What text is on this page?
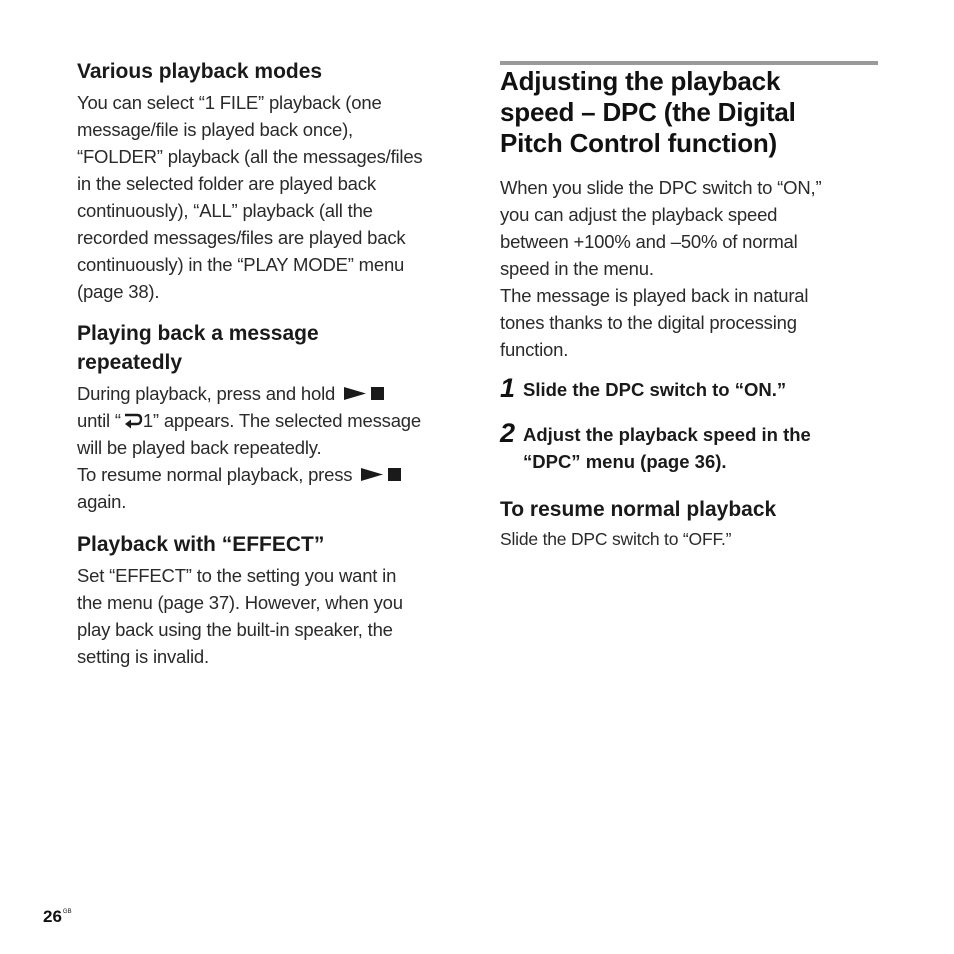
Various playback modes

You can select “1 FILE” playback (one
message/file is played back once),
“FOLDER” playback (all the messages/files
in the selected folder are played back
continuously), “ALL” playback (all the
recorded messages/files are played back
continuously) in the “PLAY MODE” menu
(page 38).

Playing back a message
repeatedly

During playback, press and hold
until “ 1” appears. The selected message
will be played back repeatedly.
To resume normal playback, press
again.

Playback with “EFFECT”

Set “EFFECT” to the setting you want in
the menu (page 37). However, when you
play back using the built-in speaker, the
setting is invalid.

Adjusting the playback
speed – DPC (the Digital
Pitch Control function)

When you slide the DPC switch to “ON,”
you can adjust the playback speed
between +100% and –50% of normal
speed in the menu.
The message is played back in natural
tones thanks to the digital processing
function.

1 Slide the DPC switch to “ON.”
2 Adjust the playback speed in the
“DPC” menu (page 36).
To resume normal playback

Slide the DPC switch to “OFF.”

$26^{GB}$
